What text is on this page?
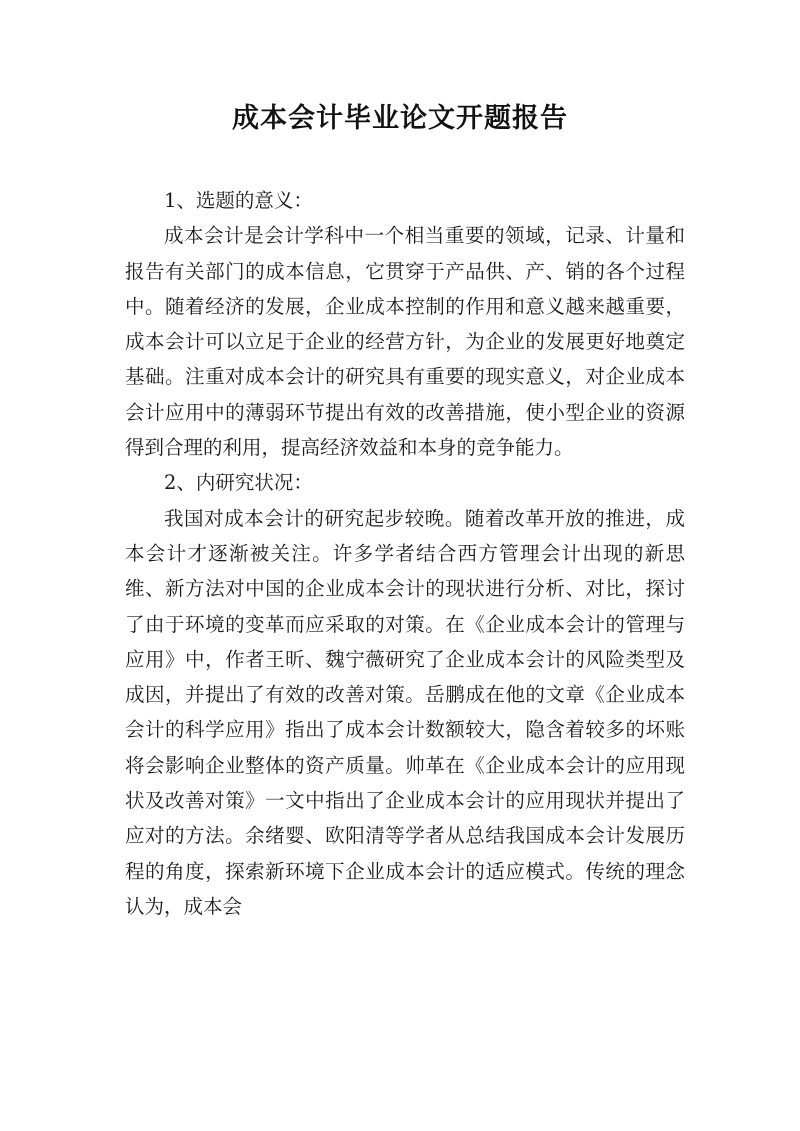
成本会计毕业论文开题报告

1、选题的意义：

成本会计是会计学科中一个相当重要的领域，记录、计量和报告有关部门的成本信息，它贯穿于产品供、产、销的各个过程中。随着经济的发展，企业成本控制的作用和意义越来越重要，成本会计可以立足于企业的经营方针，为企业的发展更好地奠定基础。注重对成本会计的研究具有重要的现实意义，对企业成本会计应用中的薄弱环节提出有效的改善措施，使小型企业的资源得到合理的利用，提高经济效益和本身的竞争能力。

2、内研究状况：

我国对成本会计的研究起步较晚。随着改革开放的推进，成本会计才逐渐被关注。许多学者结合西方管理会计出现的新思维、新方法对中国的企业成本会计的现状进行分析、对比，探讨了由于环境的变革而应采取的对策。在《企业成本会计的管理与应用》中，作者王昕、魏宁薇研究了企业成本会计的风险类型及成因，并提出了有效的改善对策。岳鹏成在他的文章《企业成本会计的科学应用》指出了成本会计数额较大，隐含着较多的坏账将会影响企业整体的资产质量。帅革在《企业成本会计的应用现状及改善对策》一文中指出了企业成本会计的应用现状并提出了应对的方法。余绪婴、欧阳清等学者从总结我国成本会计发展历程的角度，探索新环境下企业成本会计的适应模式。传统的理念认为，成本会
